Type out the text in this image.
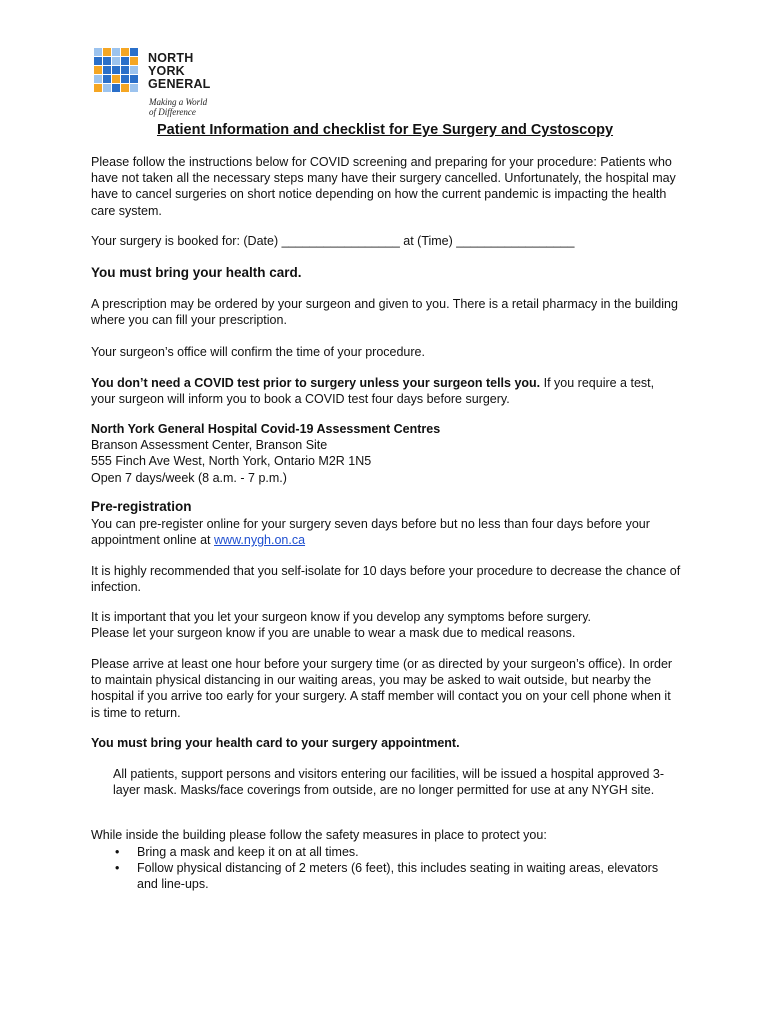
NORTH
YORK
GENERAL
Making a World
of Difference
Patient Information and checklist for Eye Surgery and Cystoscopy

Please follow the instructions below for COVID screening and preparing for your procedure: Patients who have not taken all the necessary steps many have their surgery cancelled. Unfortunately, the hospital may have to cancel surgeries on short notice depending on how the current pandemic is impacting the health care system.

Your surgery is booked for: (Date) _________________ at (Time) _________________

You must bring your health card.

A prescription may be ordered by your surgeon and given to you. There is a retail pharmacy in the building where you can fill your prescription.

Your surgeon’s office will confirm the time of your procedure.

You don’t need a COVID test prior to surgery unless your surgeon tells you. If you require a test, your surgeon will inform you to book a COVID test four days before surgery.

North York General Hospital Covid-19 Assessment Centres
Branson Assessment Center, Branson Site
555 Finch Ave West, North York, Ontario M2R 1N5
Open 7 days/week (8 a.m. - 7 p.m.)

Pre-registration

You can pre-register online for your surgery seven days before but no less than four days before your appointment online at www.nygh.on.ca

It is highly recommended that you self-isolate for 10 days before your procedure to decrease the chance of infection.

It is important that you let your surgeon know if you develop any symptoms before surgery.
Please let your surgeon know if you are unable to wear a mask due to medical reasons.

Please arrive at least one hour before your surgery time (or as directed by your surgeon’s office). In order to maintain physical distancing in our waiting areas, you may be asked to wait outside, but nearby the hospital if you arrive too early for your surgery. A staff member will contact you on your cell phone when it is time to return.

You must bring your health card to your surgery appointment.

All patients, support persons and visitors entering our facilities, will be issued a hospital approved 3-layer mask. Masks/face coverings from outside, are no longer permitted for use at any NYGH site.

While inside the building please follow the safety measures in place to protect you:

• Bring a mask and keep it on at all times.
• Follow physical distancing of 2 meters (6 feet), this includes seating in waiting areas, elevators and line-ups.
